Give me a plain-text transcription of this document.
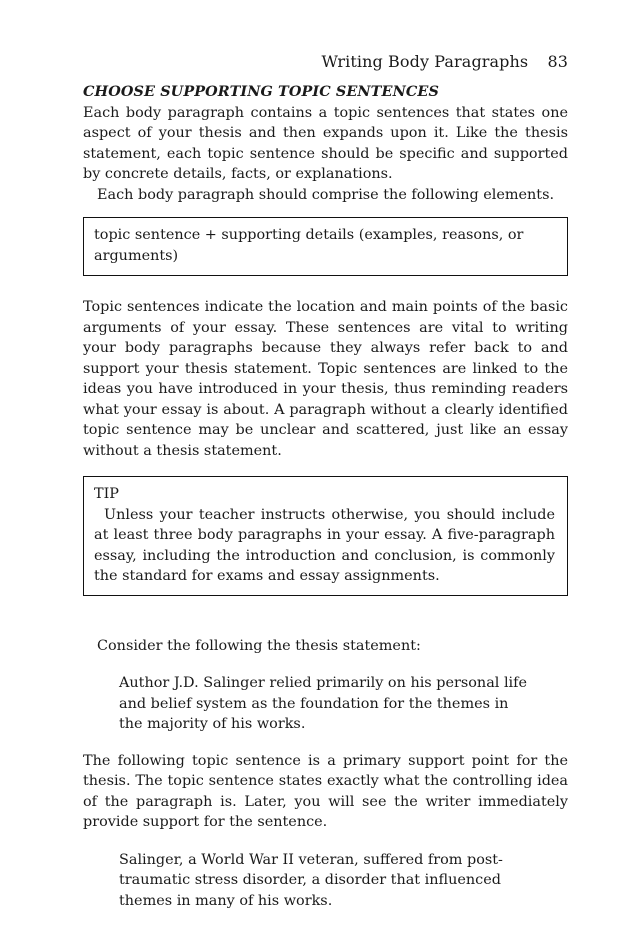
Writing Body Paragraphs 83
CHOOSE SUPPORTING TOPIC SENTENCES

Each body paragraph contains a topic sentences that states one aspect of your thesis and then expands upon it. Like the thesis statement, each topic sentence should be specific and supported by concrete details, facts, or explanations.

Each body paragraph should comprise the following elements.

topic sentence + supporting details (examples, reasons, or arguments)

Topic sentences indicate the location and main points of the basic arguments of your essay. These sentences are vital to writing your body paragraphs because they always refer back to and support your thesis statement. Topic sentences are linked to the ideas you have introduced in your thesis, thus reminding readers what your essay is about. A paragraph without a clearly identified topic sentence may be unclear and scattered, just like an essay without a thesis statement.

TIP

Unless your teacher instructs otherwise, you should include at least three body paragraphs in your essay. A five-paragraph essay, including the introduction and conclusion, is commonly the standard for exams and essay assignments.

Consider the following the thesis statement:

Author J.D. Salinger relied primarily on his personal life and belief system as the foundation for the themes in the majority of his works.

The following topic sentence is a primary support point for the thesis. The topic sentence states exactly what the controlling idea of the paragraph is. Later, you will see the writer immediately provide support for the sentence.

Salinger, a World War II veteran, suffered from post-traumatic stress disorder, a disorder that influenced themes in many of his works.
